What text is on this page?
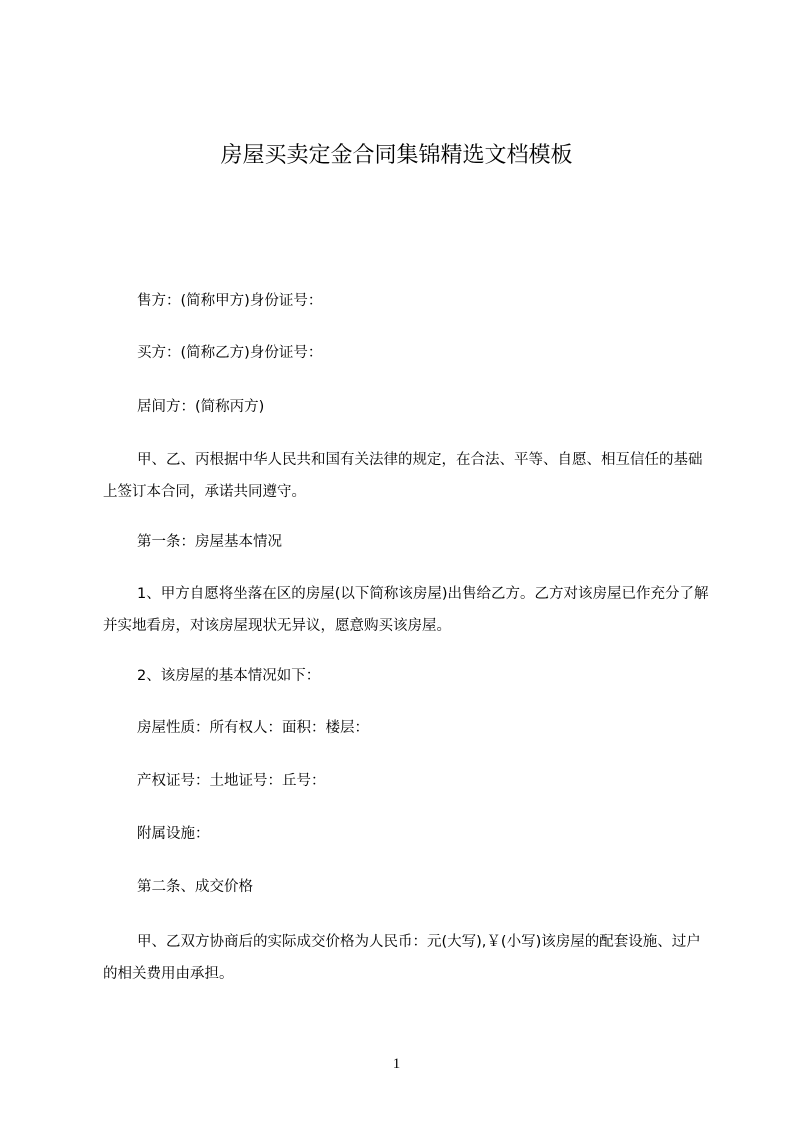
房屋买卖定金合同集锦精选文档模板

售方：(简称甲方)身份证号：

买方：(简称乙方)身份证号：

居间方：(简称丙方)

甲、乙、丙根据中华人民共和国有关法律的规定，在合法、平等、自愿、相互信任的基础上签订本合同，承诺共同遵守。

第一条：房屋基本情况

1、甲方自愿将坐落在区的房屋(以下简称该房屋)出售给乙方。乙方对该房屋已作充分了解并实地看房，对该房屋现状无异议，愿意购买该房屋。

2、该房屋的基本情况如下：

房屋性质：所有权人：面积：楼层：

产权证号：土地证号：丘号：

附属设施：

第二条、成交价格

甲、乙双方协商后的实际成交价格为人民币：元(大写),￥(小写)该房屋的配套设施、过户的相关费用由承担。

1
